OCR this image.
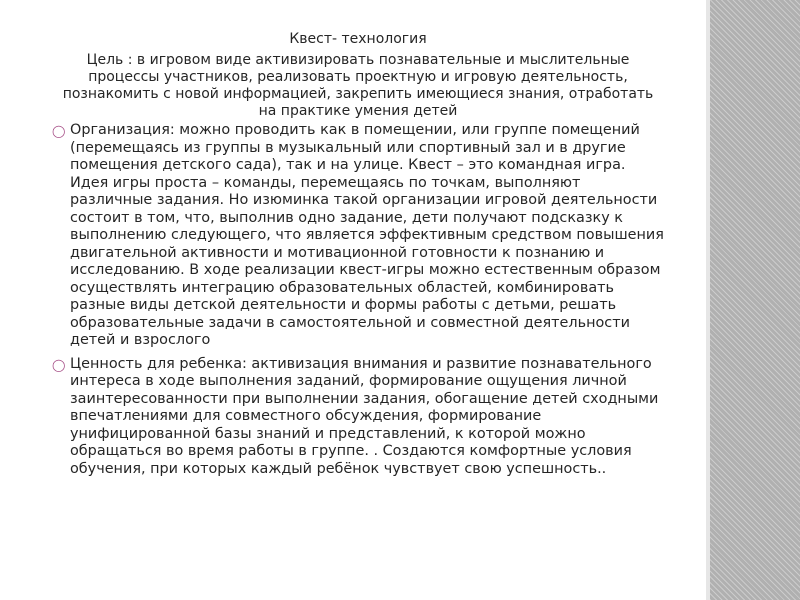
Квест- технология
Цель : в игровом виде активизировать познавательные и мыслительные процессы участников, реализовать проектную и игровую деятельность, познакомить с новой информацией, закрепить имеющиеся знания, отработать на практике умения детей
◯ Организация: можно проводить как в помещении, или группе помещений (перемещаясь из группы в музыкальный или спортивный зал и в другие помещения детского сада), так и на улице. Квест – это командная игра. Идея игры проста – команды, перемещаясь по точкам, выполняют различные задания. Но изюминка такой организации игровой деятельности состоит в том, что, выполнив одно задание, дети получают подсказку к выполнению следующего, что является эффективным средством повышения двигательной активности и мотивационной готовности к познанию и исследованию. В ходе реализации квест-игры можно естественным образом осуществлять интеграцию образовательных областей, комбинировать разные виды детской деятельности и формы работы с детьми, решать образовательные задачи в самостоятельной и совместной деятельности детей и взрослого
◯ Ценность для ребенка: активизация внимания и развитие познавательного интереса в ходе выполнения заданий, формирование ощущения личной заинтересованности при выполнении задания, обогащение детей сходными впечатлениями для совместного обсуждения, формирование унифицированной базы знаний и представлений, к которой можно обращаться во время работы в группе. . Создаются комфортные условия обучения, при которых каждый ребёнок чувствует свою успешность..
